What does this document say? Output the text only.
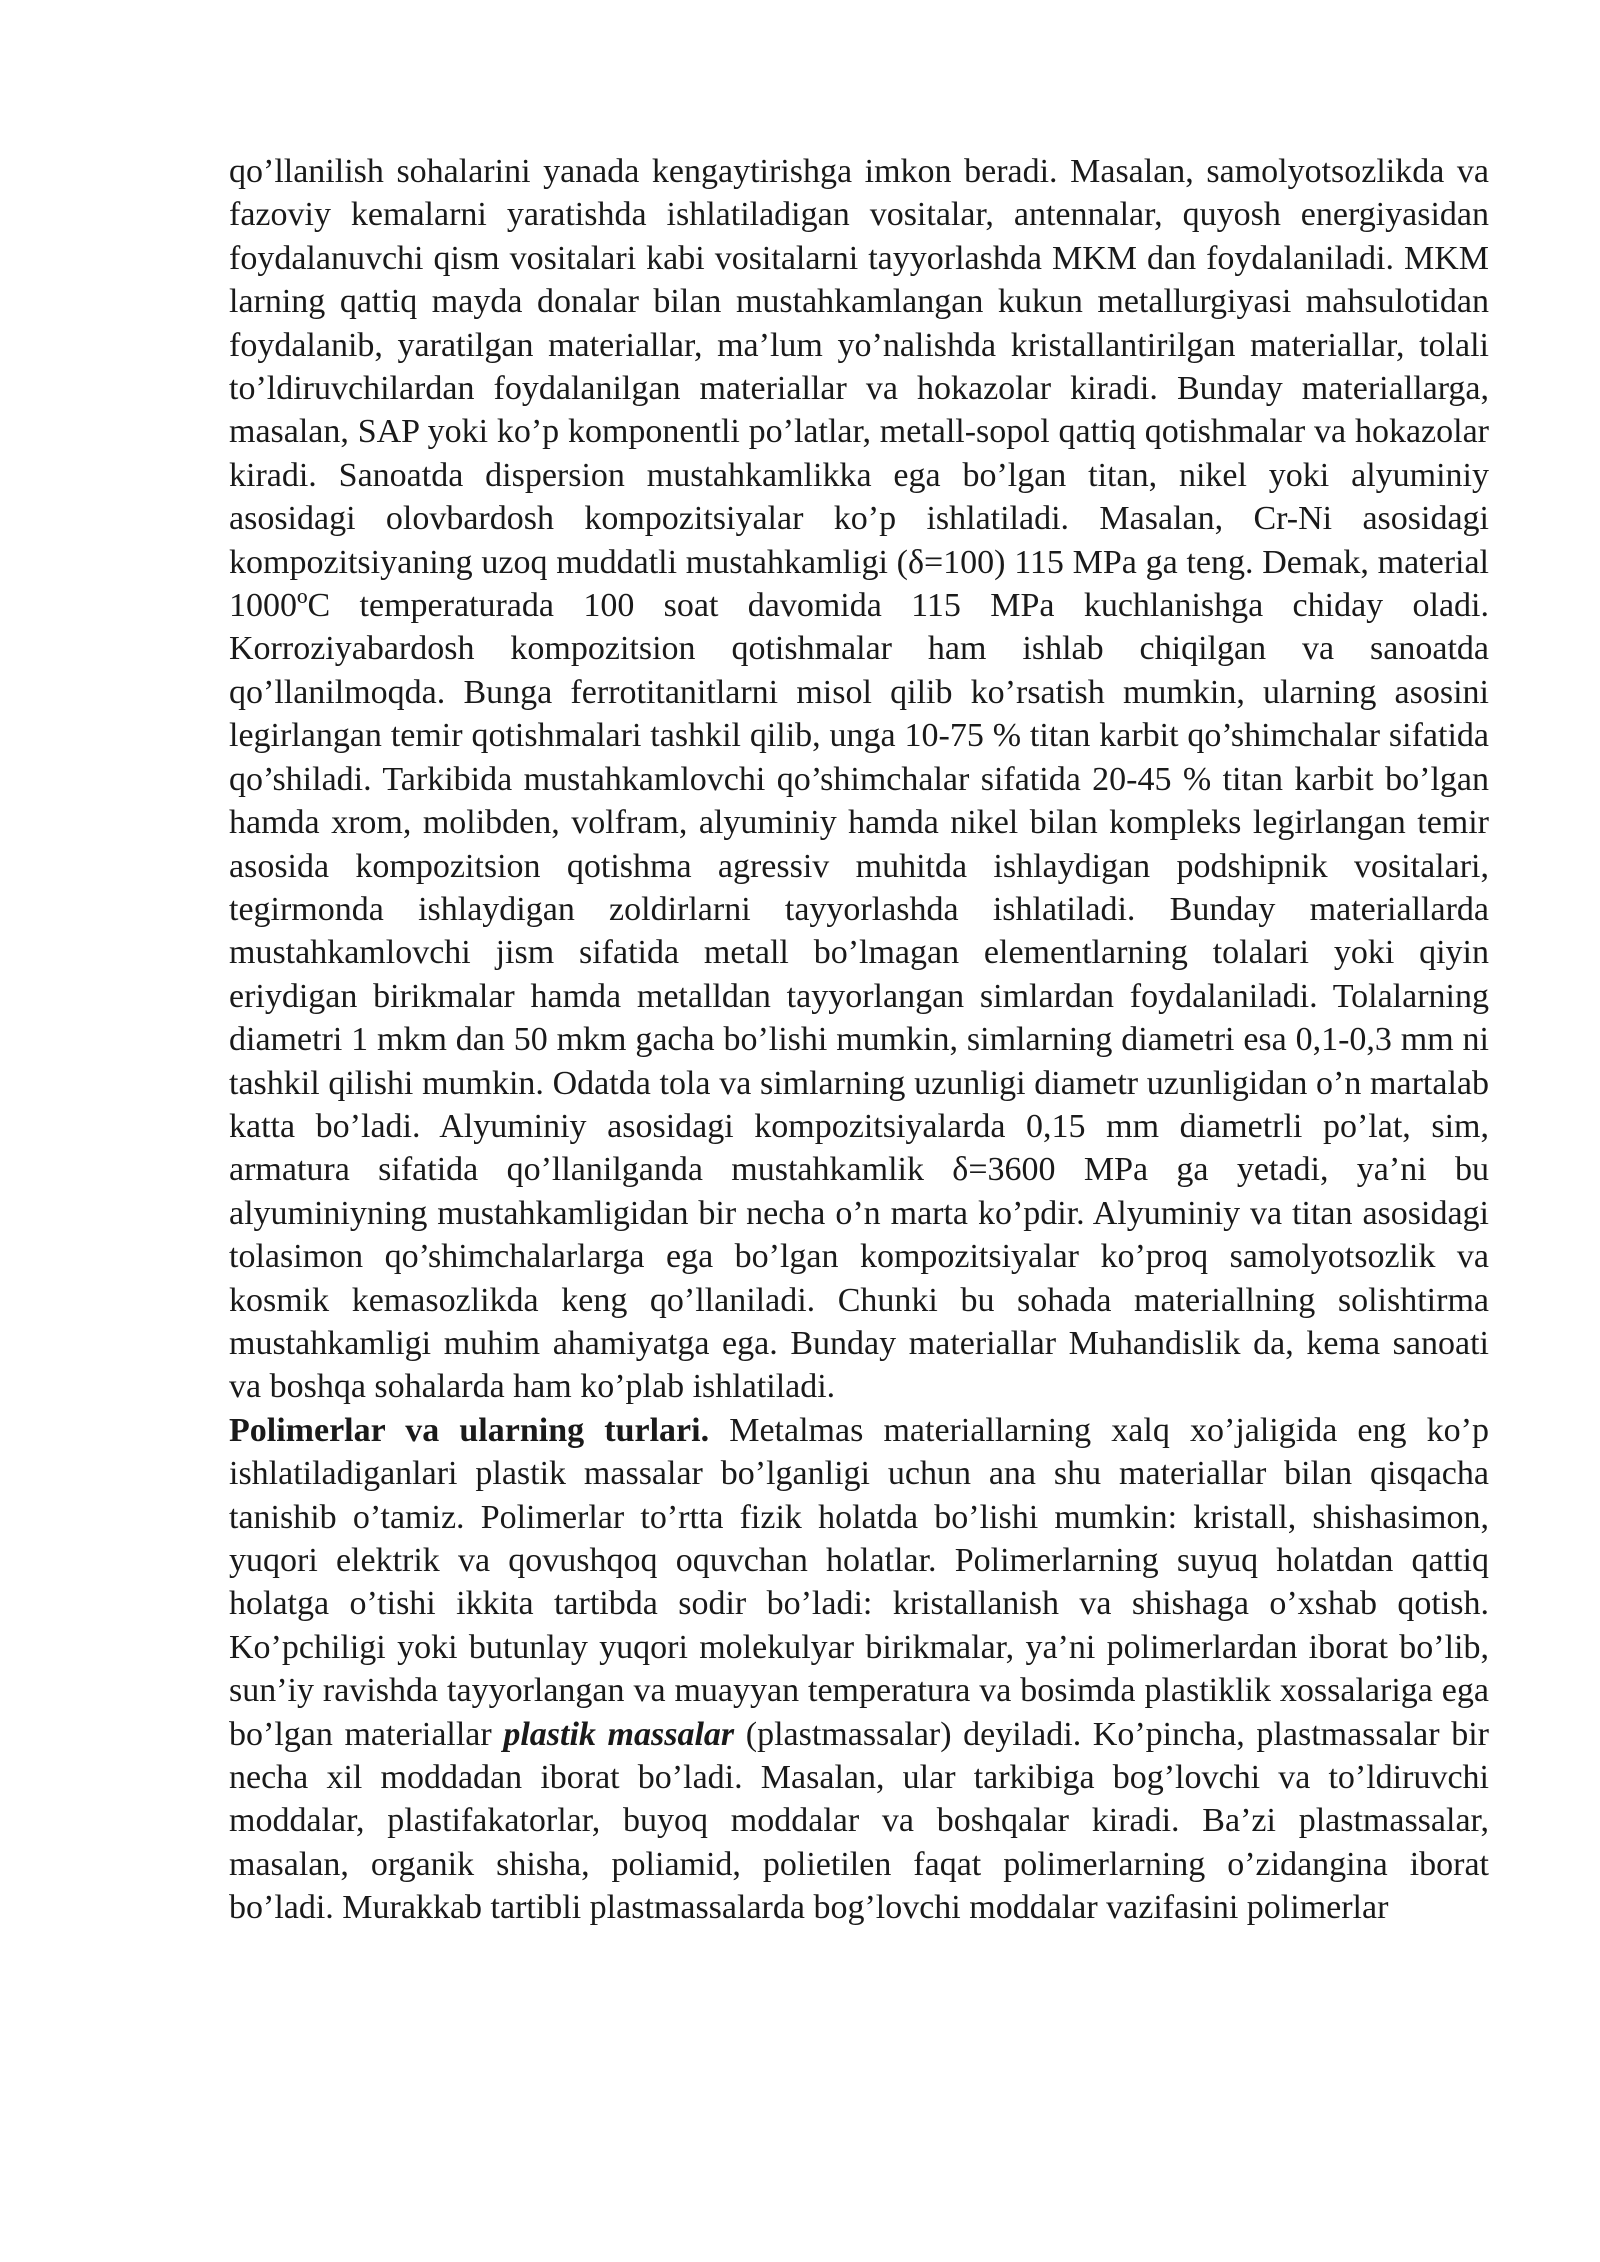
qo’llanilish sohalarini yanada kengaytirishga imkon beradi. Masalan, samolyotsozlikda va fazoviy kemalarni yaratishda ishlatiladigan vositalar, antennalar, quyosh energiyasidan foydalanuvchi qism vositalari kabi vositalarni tayyorlashda MKM dan foydalaniladi. MKM larning qattiq mayda donalar bilan mustahkamlangan kukun metallurgiyasi mahsulotidan foydalanib, yaratilgan materiallar, ma’lum yo’nalishda kristallantirilgan materiallar, tolali to’ldiruvchilardan foydalanilgan materiallar va hokazolar kiradi. Bunday materiallarga, masalan, SAP yoki ko’p komponentli po’latlar, metall-sopol qattiq qotishmalar va hokazolar kiradi. Sanoatda dispersion mustahkamlikka ega bo’lgan titan, nikel yoki alyuminiy asosidagi olovbardosh kompozitsiyalar ko’p ishlatiladi. Masalan, Cr-Ni asosidagi kompozitsiyaning uzoq muddatli mustahkamligi (δ=100) 115 MPa ga teng. Demak, material 1000ºC temperaturada 100 soat davomida 115 MPa kuchlanishga chiday oladi. Korroziyabardosh kompozitsion qotishmalar ham ishlab chiqilgan va sanoatda qo’llanilmoqda. Bunga ferrotitanitlarni misol qilib ko’rsatish mumkin, ularning asosini legirlangan temir qotishmalari tashkil qilib, unga 10-75 % titan karbit qo’shimchalar sifatida qo’shiladi. Tarkibida mustahkamlovchi qo’shimchalar sifatida 20-45 % titan karbit bo’lgan hamda xrom, molibden, volfram, alyuminiy hamda nikel bilan kompleks legirlangan temir asosida kompozitsion qotishma agressiv muhitda ishlaydigan podshipnik vositalari, tegirmonda ishlaydigan zoldirlarni tayyorlashda ishlatiladi. Bunday materiallarda mustahkamlovchi jism sifatida metall bo’lmagan elementlarning tolalari yoki qiyin eriydigan birikmalar hamda metalldan tayyorlangan simlardan foydalaniladi. Tolalarning diametri 1 mkm dan 50 mkm gacha bo’lishi mumkin, simlarning diametri esa 0,1-0,3 mm ni tashkil qilishi mumkin. Odatda tola va simlarning uzunligi diametr uzunligidan o’n martalab katta bo’ladi. Alyuminiy asosidagi kompozitsiyalarda 0,15 mm diametrli po’lat, sim, armatura sifatida qo’llanilganda mustahkamlik δ=3600 MPa ga yetadi, ya’ni bu alyuminiyning mustahkamligidan bir necha o’n marta ko’pdir. Alyuminiy va titan asosidagi tolasimon qo’shimchalarlarga ega bo’lgan kompozitsiyalar ko’proq samolyotsozlik va kosmik kemasozlikda keng qo’llaniladi. Chunki bu sohada materiallning solishtirma mustahkamligi muhim ahamiyatga ega. Bunday materiallar Muhandislik da, kema sanoati va boshqa sohalarda ham ko’plab ishlatiladi.

Polimerlar va ularning turlari. Metalmas materiallarning xalq xo’jaligida eng ko’p ishlatiladiganlari plastik massalar bo’lganligi uchun ana shu materiallar bilan qisqacha tanishib o’tamiz. Polimerlar to’rtta fizik holatda bo’lishi mumkin: kristall, shishasimon, yuqori elektrik va qovushqoq oquvchan holatlar. Polimerlarning suyuq holatdan qattiq holatga o’tishi ikkita tartibda sodir bo’ladi: kristallanish va shishaga o’xshab qotish. Ko’pchiligi yoki butunlay yuqori molekulyar birikmalar, ya’ni polimerlardan iborat bo’lib, sun’iy ravishda tayyorlangan va muayyan temperatura va bosimda plastiklik xossalariga ega bo’lgan materiallar plastik massalar (plastmassalar) deyiladi. Ko’pincha, plastmassalar bir necha xil moddadan iborat bo’ladi. Masalan, ular tarkibiga bog’lovchi va to’ldiruvchi moddalar, plastifakatorlar, buyoq moddalar va boshqalar kiradi. Ba’zi plastmassalar, masalan, organik shisha, poliamid, polietilen faqat polimerlarning o’zidangina iborat bo’ladi. Murakkab tartibli plastmassalarda bog’lovchi moddalar vazifasini polimerlar
